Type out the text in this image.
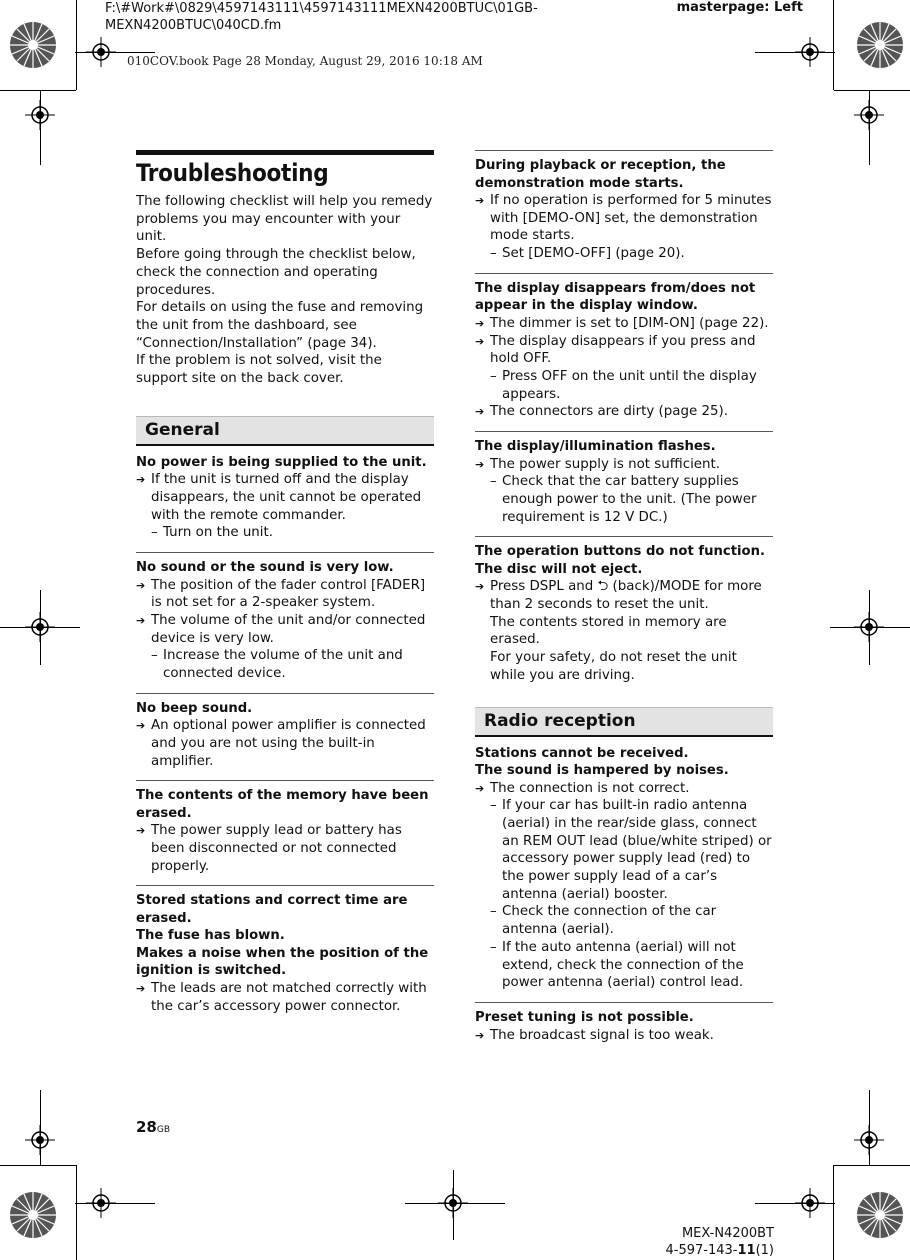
F:\#Work#\0829\4597143111\4597143111MEXN4200BTUC\01GB-
MEXN4200BTUC\040CD.fm
masterpage: Left
010COV.book Page 28 Monday, August 29, 2016 10:18 AM
Troubleshooting

The following checklist will help you remedy problems you may encounter with your unit.

Before going through the checklist below, check the connection and operating procedures.

For details on using the fuse and removing the unit from the dashboard, see “Connection/Installation” (page 34).

If the problem is not solved, visit the support site on the back cover.

General
No power is being supplied to the unit.
➔ If the unit is turned off and the display disappears, the unit cannot be operated with the remote commander.
– Turn on the unit.
No sound or the sound is very low.
➔ The position of the fader control [FADER] is not set for a 2-speaker system.
➔ The volume of the unit and/or connected device is very low.
– Increase the volume of the unit and connected device.
No beep sound.
➔ An optional power amplifier is connected and you are not using the built-in amplifier.
The contents of the memory have been erased.
➔ The power supply lead or battery has been disconnected or not connected properly.
Stored stations and correct time are erased.
The fuse has blown.
Makes a noise when the position of the ignition is switched.
➔ The leads are not matched correctly with the car’s accessory power connector.
During playback or reception, the demonstration mode starts.
➔ If no operation is performed for 5 minutes with [DEMO-ON] set, the demonstration mode starts.
– Set [DEMO-OFF] (page 20).
The display disappears from/does not appear in the display window.
➔ The dimmer is set to [DIM-ON] (page 22).
➔ The display disappears if you press and hold OFF.
– Press OFF on the unit until the display appears.
➔ The connectors are dirty (page 25).
The display/illumination flashes.
➔ The power supply is not sufficient.
– Check that the car battery supplies enough power to the unit. (The power requirement is 12 V DC.)
The operation buttons do not function.
The disc will not eject.
➔ Press DSPL and ⮌ (back)/MODE for more than 2 seconds to reset the unit.
The contents stored in memory are erased.
For your safety, do not reset the unit while you are driving.
Radio reception
Stations cannot be received.
The sound is hampered by noises.
➔ The connection is not correct.
– If your car has built-in radio antenna (aerial) in the rear/side glass, connect an REM OUT lead (blue/white striped) or accessory power supply lead (red) to the power supply lead of a car’s antenna (aerial) booster.
– Check the connection of the car antenna (aerial).
– If the auto antenna (aerial) will not extend, check the connection of the power antenna (aerial) control lead.
Preset tuning is not possible.
➔ The broadcast signal is too weak.
28GB
MEX-N4200BT
4-597-143-11(1)
